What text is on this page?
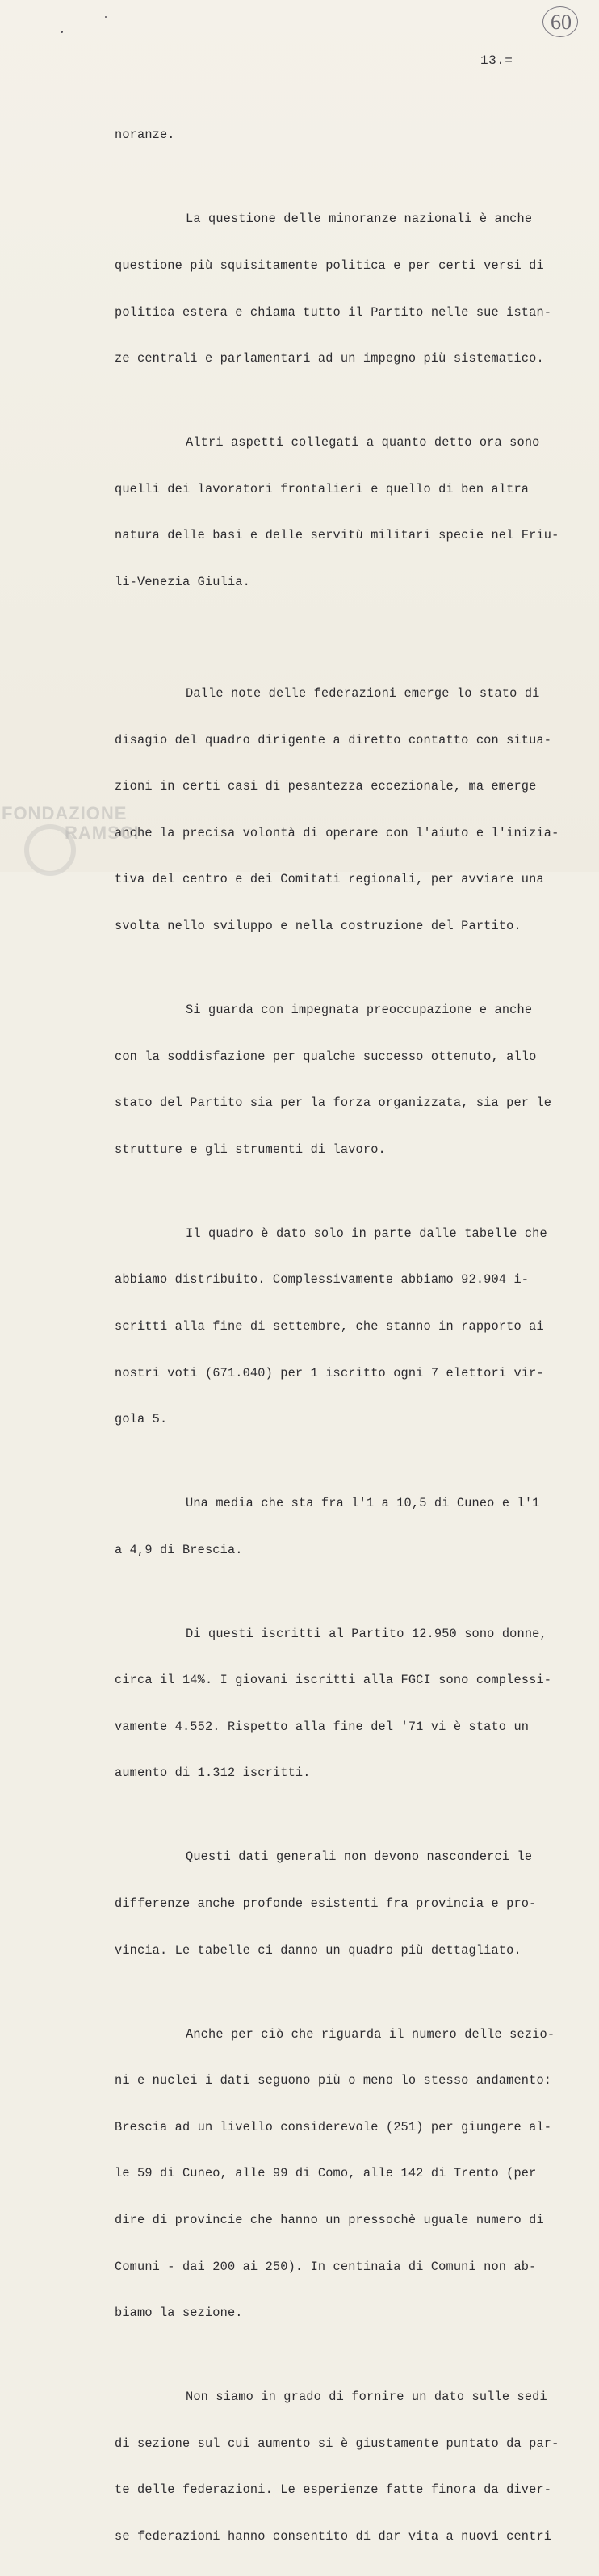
60
13.=

noranze.

La questione delle minoranze nazionali è anche

questione più squisitamente politica e per certi versi di

politica estera e chiama tutto il Partito nelle sue istan-

ze centrali e parlamentari ad un impegno più sistematico.

Altri aspetti collegati a quanto detto ora sono

quelli dei lavoratori frontalieri e quello di ben altra

natura delle basi e delle servitù militari specie nel Friu-

li-Venezia Giulia.

Dalle note delle federazioni emerge lo stato di

disagio del quadro dirigente a diretto contatto con situa-

zioni in certi casi di pesantezza eccezionale, ma emerge

anche la precisa volontà di operare con l'aiuto e l'inizia-

tiva del centro e dei Comitati regionali, per avviare una

svolta nello sviluppo e nella costruzione del Partito.

Si guarda con impegnata preoccupazione e anche

con la soddisfazione per qualche successo ottenuto, allo

stato del Partito sia per la forza organizzata, sia per le

strutture e gli strumenti di lavoro.

Il quadro è dato solo in parte dalle tabelle che

abbiamo distribuito. Complessivamente abbiamo 92.904 i-

scritti alla fine di settembre, che stanno in rapporto ai

nostri voti (671.040) per 1 iscritto ogni 7 elettori vir-

gola 5.

Una media che sta fra l'1 a 10,5 di Cuneo e l'1

a 4,9 di Brescia.

Di questi iscritti al Partito 12.950 sono donne,

circa il 14%. I giovani iscritti alla FGCI sono complessi-

vamente 4.552. Rispetto alla fine del '71 vi è stato un

aumento di 1.312 iscritti.

Questi dati generali non devono nasconderci le

differenze anche profonde esistenti fra provincia e pro-

vincia. Le tabelle ci danno un quadro più dettagliato.

Anche per ciò che riguarda il numero delle sezio-

ni e nuclei i dati seguono più o meno lo stesso andamento:

Brescia ad un livello considerevole (251) per giungere al-

le 59 di Cuneo, alle 99 di Como, alle 142 di Trento (per

dire di provincie che hanno un pressochè uguale numero di

Comuni - dai 200 ai 250). In centinaia di Comuni non ab-

biamo la sezione.

Non siamo in grado di fornire un dato sulle sedi

di sezione sul cui aumento si è giustamente puntato da par-

te delle federazioni. Le esperienze fatte finora da diver-

se federazioni hanno consentito di dar vita a nuovi centri

FONDAZIONE
RAMSCI
